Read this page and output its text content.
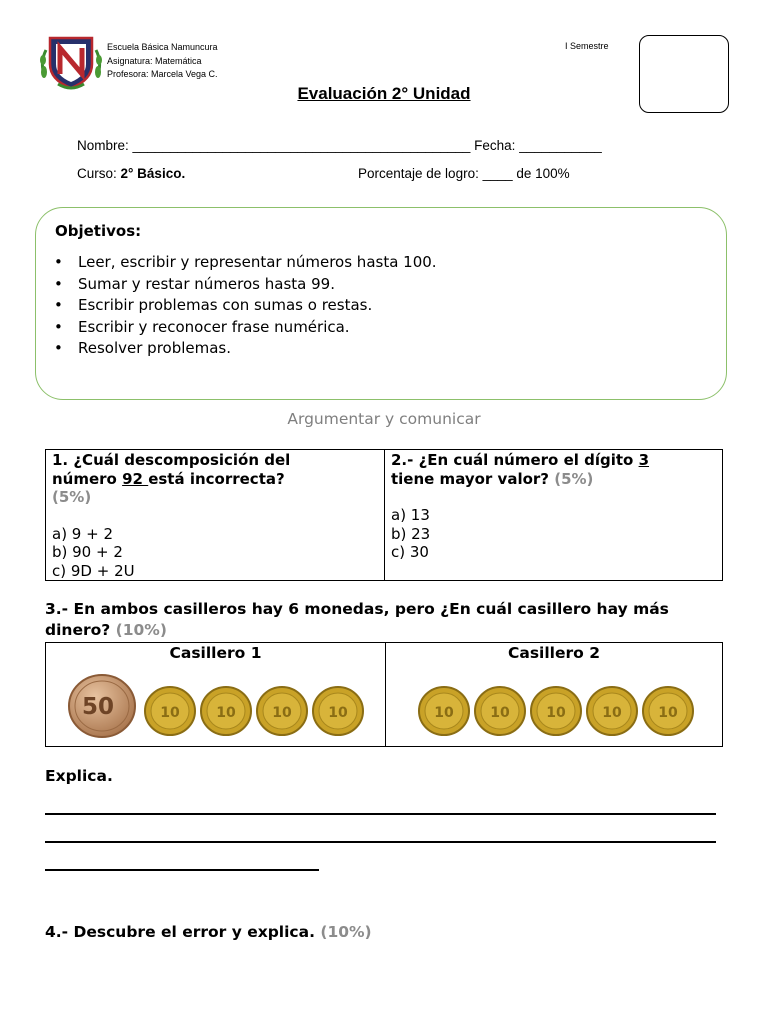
Escuela Básica Namuncura
Asignatura: Matemática
Profesora: Marcela Vega C.
I Semestre
Evaluación 2° Unidad
Nombre: _____________________________________________ Fecha: ___________
Curso: 2° Básico.	Porcentaje de logro: ____ de 100%
Objetivos:
• Leer, escribir y representar números hasta 100.
• Sumar y restar números hasta 99.
• Escribir problemas con sumas o restas.
• Escribir y reconocer frase numérica.
• Resolver problemas.
Argumentar y comunicar
1. ¿Cuál descomposición del
número 92 está incorrecta?
(5%)
a) 9 + 2
b) 90 + 2
c) 9D + 2U
2.- ¿En cuál número el dígito 3
tiene mayor valor? (5%)
a) 13
b) 23
c) 30
3.- En ambos casilleros hay 6 monedas, pero ¿En cuál casillero hay más dinero? (10%)
Casillero 1
50	10	10	10	10
Casillero 2
10	10	10	10	10
Explica.
4.- Descubre el error y explica. (10%)
